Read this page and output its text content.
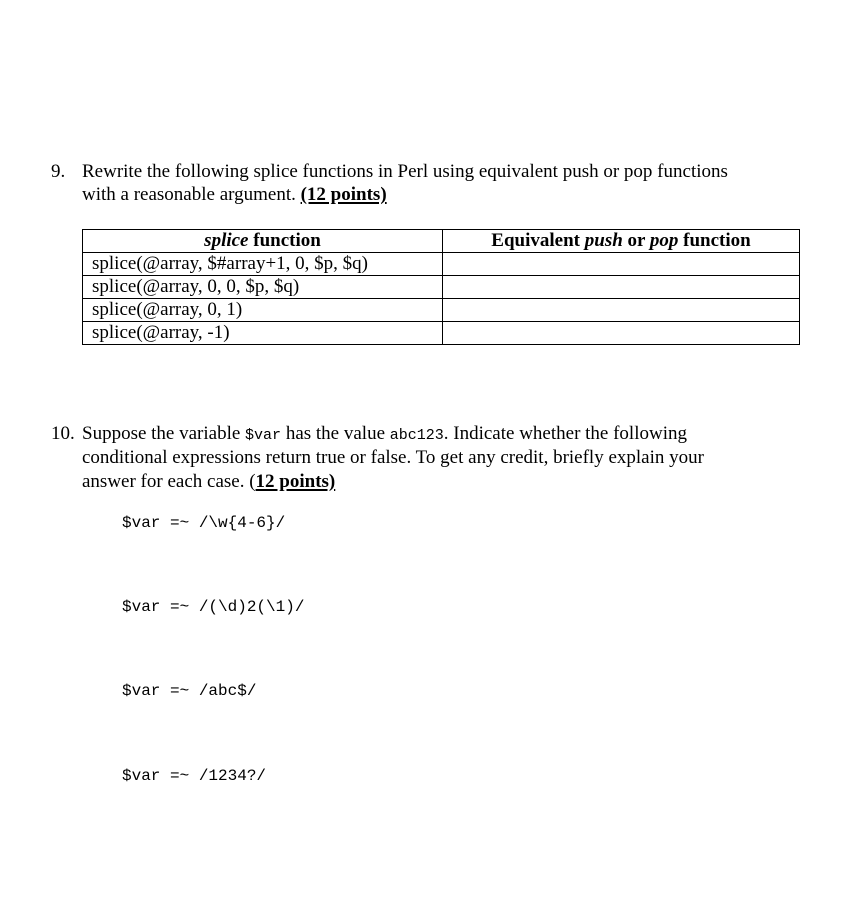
9. Rewrite the following splice functions in Perl using equivalent push or pop functions
with a reasonable argument. (12 points)
splice function	Equivalent push or pop function
splice(@array, $#array+1, 0, $p, $q)	
splice(@array, 0, 0, $p, $q)	
splice(@array, 0, 1)	
splice(@array, -1)	
10. Suppose the variable $var has the value abc123. Indicate whether the following
conditional expressions return true or false. To get any credit, briefly explain your
answer for each case. (12 points)
$var =~ /\w{4-6}/
$var =~ /(\d)2(\1)/
$var =~ /abc$/
$var =~ /1234?/
